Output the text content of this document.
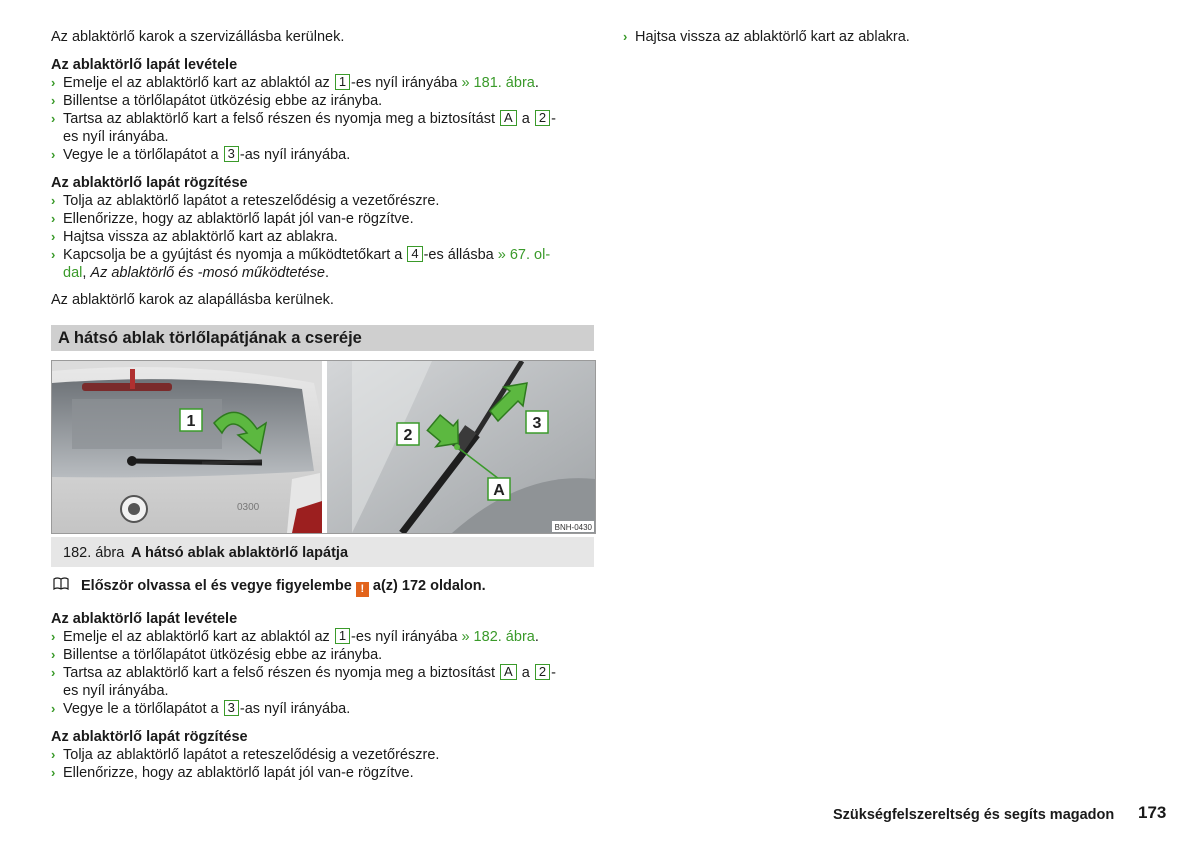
Az ablaktörlő karok a szervizállásba kerülnek.

Az ablaktörlő lapát levétele

› Emelje el az ablaktörlő kart az ablaktól az 1 -es nyíl irányába » 181. ábra.

› Billentse a törlőlapátot ütközésig ebbe az irányba.

› Tartsa az ablaktörlő kart a felső részen és nyomja meg a biztosítást A a 2 -
es nyíl irányába.

› Vegye le a törlőlapátot a 3 -as nyíl irányába.

Az ablaktörlő lapát rögzítése

› Tolja az ablaktörlő lapátot a reteszelődésig a vezetőrészre.

› Ellenőrizze, hogy az ablaktörlő lapát jól van-e rögzítve.

› Hajtsa vissza az ablaktörlő kart az ablakra.

› Kapcsolja be a gyújtást és nyomja a működtetőkart a 4 -es állásba » 67. ol-
dal, Az ablaktörlő és -mosó működtetése.

Az ablaktörlő karok az alapállásba kerülnek.

A hátsó ablak törlőlapátjának a cseréje
0300
1
2
3
A
BNH-0430
182. ábra A hátsó ablak ablaktörlő lapátja
Először olvassa el és vegye figyelembe ! a(z) 172 oldalon.

Az ablaktörlő lapát levétele

› Emelje el az ablaktörlő kart az ablaktól az 1 -es nyíl irányába » 182. ábra.

› Billentse a törlőlapátot ütközésig ebbe az irányba.

› Tartsa az ablaktörlő kart a felső részen és nyomja meg a biztosítást A a 2 -
es nyíl irányába.

› Vegye le a törlőlapátot a 3 -as nyíl irányába.

Az ablaktörlő lapát rögzítése

› Tolja az ablaktörlő lapátot a reteszelődésig a vezetőrészre.

› Ellenőrizze, hogy az ablaktörlő lapát jól van-e rögzítve.

› Hajtsa vissza az ablaktörlő kart az ablakra.

Szükségfelszereltség és segíts magadon 173
